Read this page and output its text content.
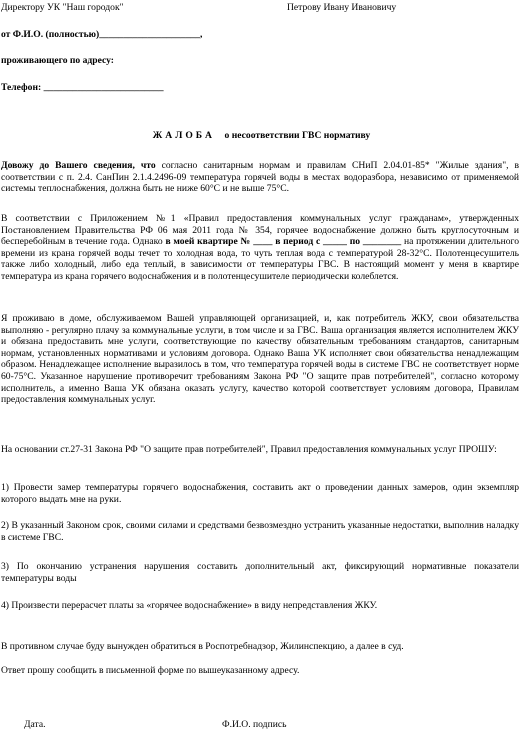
Директору УК "Наш городок"	Петрову Ивану Ивановичу
от Ф.И.О. (полностью)_____________________,
проживающего по адресу:
Телефон: _________________________
ЖАЛОБА о несоответствии ГВС нормативу
Довожу до Вашего сведения, что согласно санитарным нормам и правилам СНиП 2.04.01-85* "Жилые здания", в соответствии с п. 2.4. СанПин 2.1.4.2496-09 температура горячей воды в местах водоразбора, независимо от применяемой системы теплоснабжения, должна быть не ниже 60°С и не выше 75°С.
В соответствии с Приложением №1 «Правил предоставления коммунальных услуг гражданам», утвержденных Постановлением Правительства РФ 06 мая 2011 года № 354, горячее водоснабжение должно быть круглосуточным и бесперебойным в течение года. Однако в моей квартире № ____ в период с _____ по ________ на протяжении длительного времени из крана горячей воды течет то холодная вода, то чуть теплая вода с температурой 28-32°С. Полотенцесушитель также либо холодный, либо еда теплый, в зависимости от температуры ГВС. В настоящий момент у меня в квартире температура из крана горячего водоснабжения и в полотенцесушителе периодически колеблется.
Я проживаю в доме, обслуживаемом Вашей управляющей организацией, и, как потребитель ЖКУ, свои обязательства выполняю - регулярно плачу за коммунальные услуги, в том числе и за ГВС. Ваша организация является исполнителем ЖКУ и обязана предоставить мне услуги, соответствующие по качеству обязательным требованиям стандартов, санитарным нормам, установленных нормативами и условиям договора. Однако Ваша УК исполняет свои обязательства ненадлежащим образом. Ненадлежащее исполнение выразилось в том, что температура горячей воды в системе ГВС не соответствует норме 60-75°С. Указанное нарушение противоречит требованиям Закона РФ "О защите прав потребителей", согласно которому исполнитель, а именно Ваша УК обязана оказать услугу, качество которой соответствует условиям договора, Правилам предоставления коммунальных услуг.
На основании ст.27-31 Закона РФ "О защите прав потребителей", Правил предоставления коммунальных услуг ПРОШУ:
1) Провести замер температуры горячего водоснабжения, составить акт о проведении данных замеров, один экземпляр которого выдать мне на руки.
2) В указанный Законом срок, своими силами и средствами безвозмездно устранить указанные недостатки, выполнив наладку в системе ГВС.
3) По окончанию устранения нарушения составить дополнительный акт, фиксирующий нормативные показатели температуры воды
4) Произвести перерасчет платы за «горячее водоснабжение» в виду непредставления ЖКУ.
В противном случае буду вынужден обратиться в Роспотребнадзор, Жилинспекцию, а далее в суд.
Ответ прошу сообщить в письменной форме по вышеуказанному адресу.
Дата.	Ф.И.О. подпись
